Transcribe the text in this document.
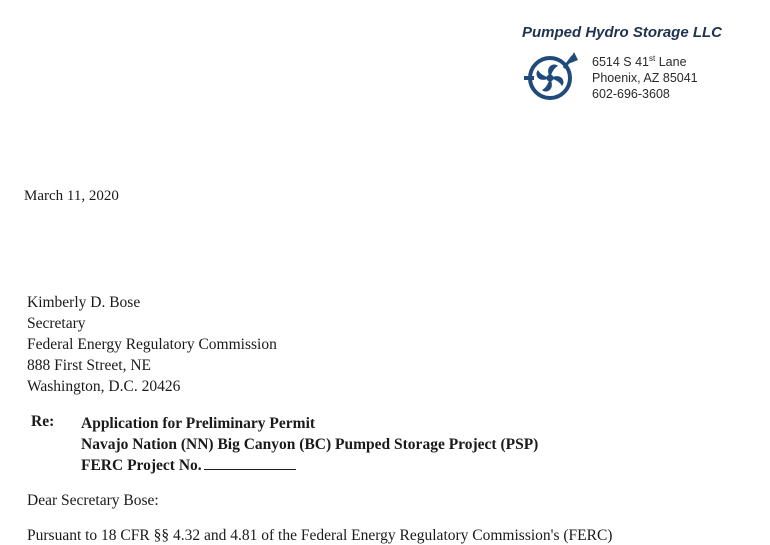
Pumped Hydro Storage LLC
6514 S 41st Lane
Phoenix, AZ 85041
602-696-3608
March 11, 2020
Kimberly D. Bose
Secretary
Federal Energy Regulatory Commission
888 First Street, NE
Washington, D.C. 20426
Re: Application for Preliminary Permit
Navajo Nation (NN) Big Canyon (BC) Pumped Storage Project (PSP)
FERC Project No.
Dear Secretary Bose:
Pursuant to 18 CFR §§ 4.32 and 4.81 of the Federal Energy Regulatory Commission's (FERC)
